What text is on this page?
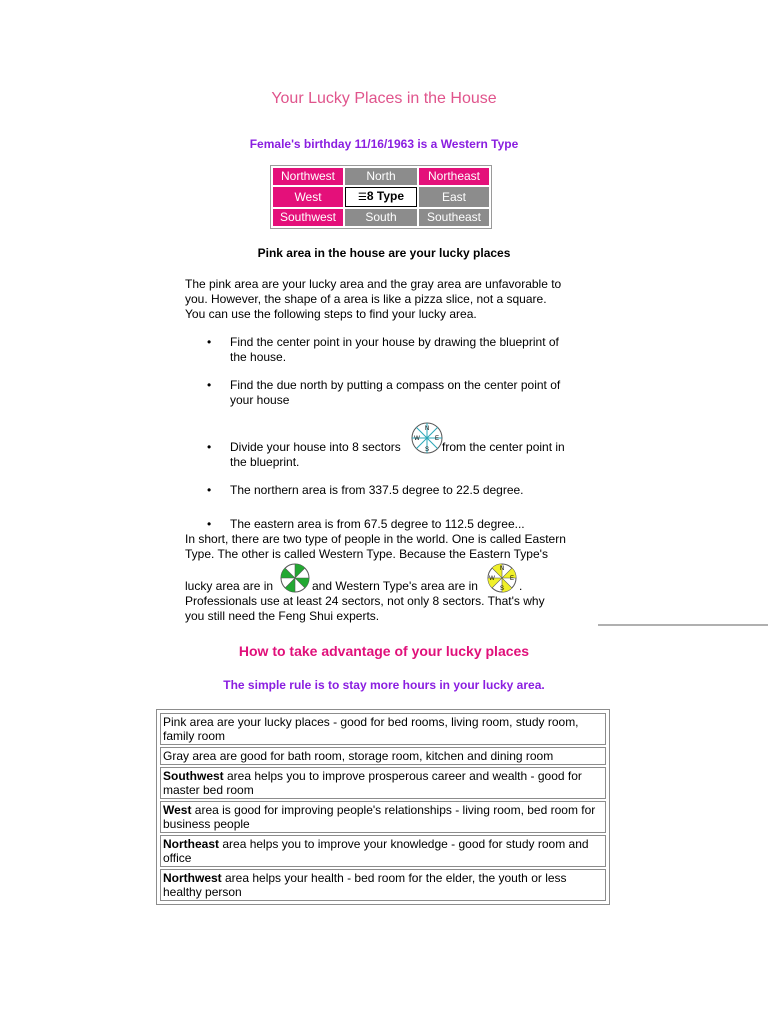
Your Lucky Places in the House
Female's birthday 11/16/1963 is a Western Type
Northwest	North	Northeast
West	☰8 Type	East
Southwest	South	Southeast
Pink area in the house are your lucky places
The pink area are your lucky area and the gray area are unfavorable to
you. However, the shape of a area is like a pizza slice, not a square.
You can use the following steps to find your lucky area.
• Find the center point in your house by drawing the blueprint of
the house.
• Find the due north by putting a compass on the center point of
your house
• Divide your house into 8 sectors
N
E
S
W
from the center point in
the blueprint.
• The northern area is from 337.5 degree to 22.5 degree.
• The eastern area is from 67.5 degree to 112.5 degree...
In short, there are two type of people in the world. One is called Eastern
Type. The other is called Western Type. Because the Eastern Type's
lucky area are in	and Western Type's area are in
N
E
S
W .
Professionals use at least 24 sectors, not only 8 sectors. That's why
you still need the Feng Shui experts.
How to take advantage of your lucky places
The simple rule is to stay more hours in your lucky area.
Pink area are your lucky places - good for bed rooms, living room, study room, family room
Gray area are good for bath room, storage room, kitchen and dining room
Southwest area helps you to improve prosperous career and wealth - good for master bed room
West area is good for improving people's relationships - living room, bed room for business people
Northeast area helps you to improve your knowledge - good for study room and office
Northwest area helps your health - bed room for the elder, the youth or less healthy person
